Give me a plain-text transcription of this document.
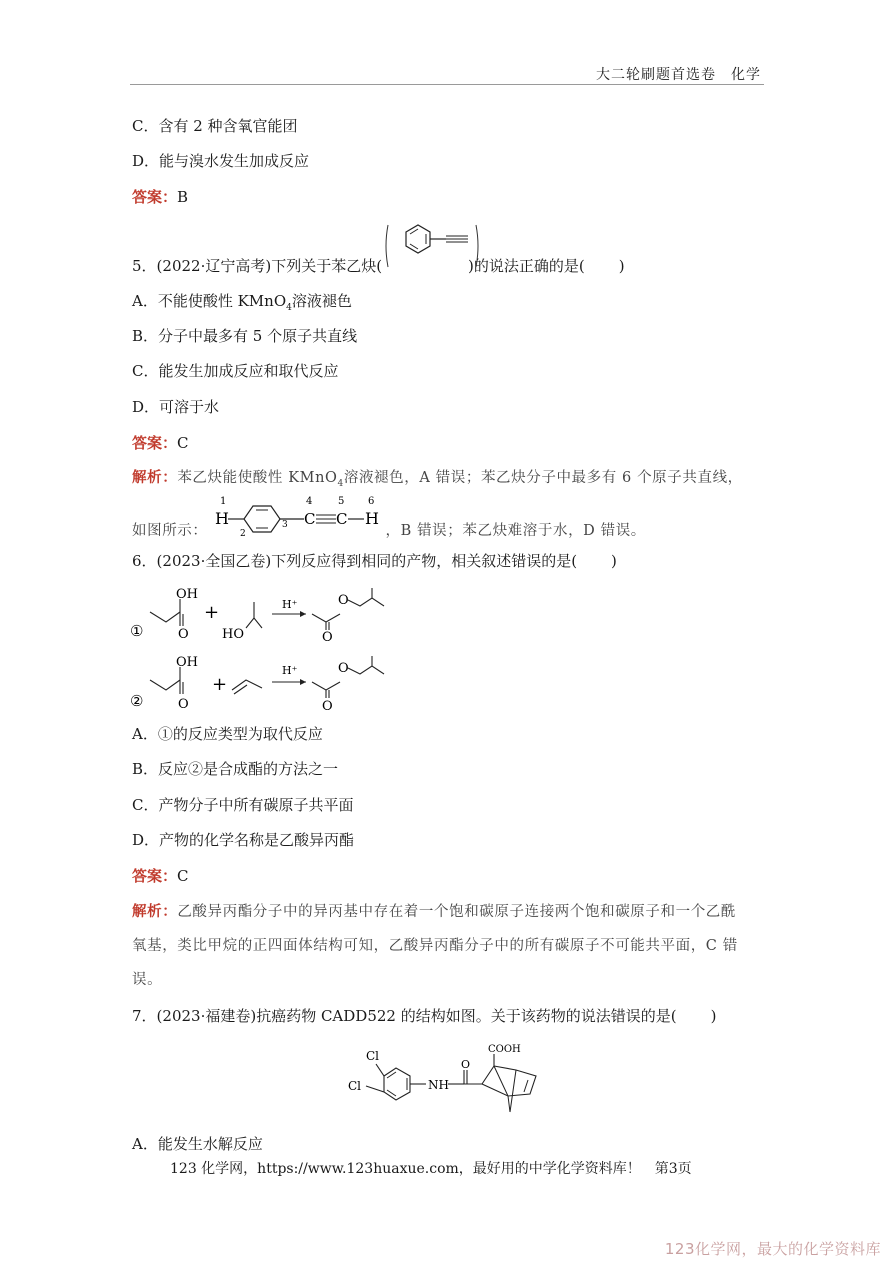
大二轮刷题首选卷　化学
C．含有 2 种含氧官能团
D．能与溴水发生加成反应
答案：B
5．(2022·辽宁高考)下列关于苯乙炔(	)的说法正确的是( )
A．不能使酸性 KMnO$_4$溶液褪色
B．分子中最多有 5 个原子共直线
C．能发生加成反应和取代反应
D．可溶于水
答案：C
解析：苯乙炔能使酸性 KMnO$_4$溶液褪色，A 错误；苯乙炔分子中最多有 6 个原子共直线，
如图所示：	，B 错误；苯乙炔难溶于水，D 错误。
1
H
2
3
4
C
5
C
6
H
6．(2023·全国乙卷)下列反应得到相同的产物，相关叙述错误的是( )
①
OH
O
+
HO
H⁺
O
O
②
OH
O
+
H⁺
O
O
A．①的反应类型为取代反应
B．反应②是合成酯的方法之一
C．产物分子中所有碳原子共平面
D．产物的化学名称是乙酸异丙酯
答案：C
解析：乙酸异丙酯分子中的异丙基中存在着一个饱和碳原子连接两个饱和碳原子和一个乙酰
氧基，类比甲烷的正四面体结构可知，乙酸异丙酯分子中的所有碳原子不可能共平面，C 错
误。
7．(2023·福建卷)抗癌药物 CADD522 的结构如图。关于该药物的说法错误的是( )
Cl
Cl	NH
O
COOH
A．能发生水解反应
123 化学网，https://www.123huaxue.com，最好用的中学化学资料库！　第3页
123化学网，最大的化学资料库
